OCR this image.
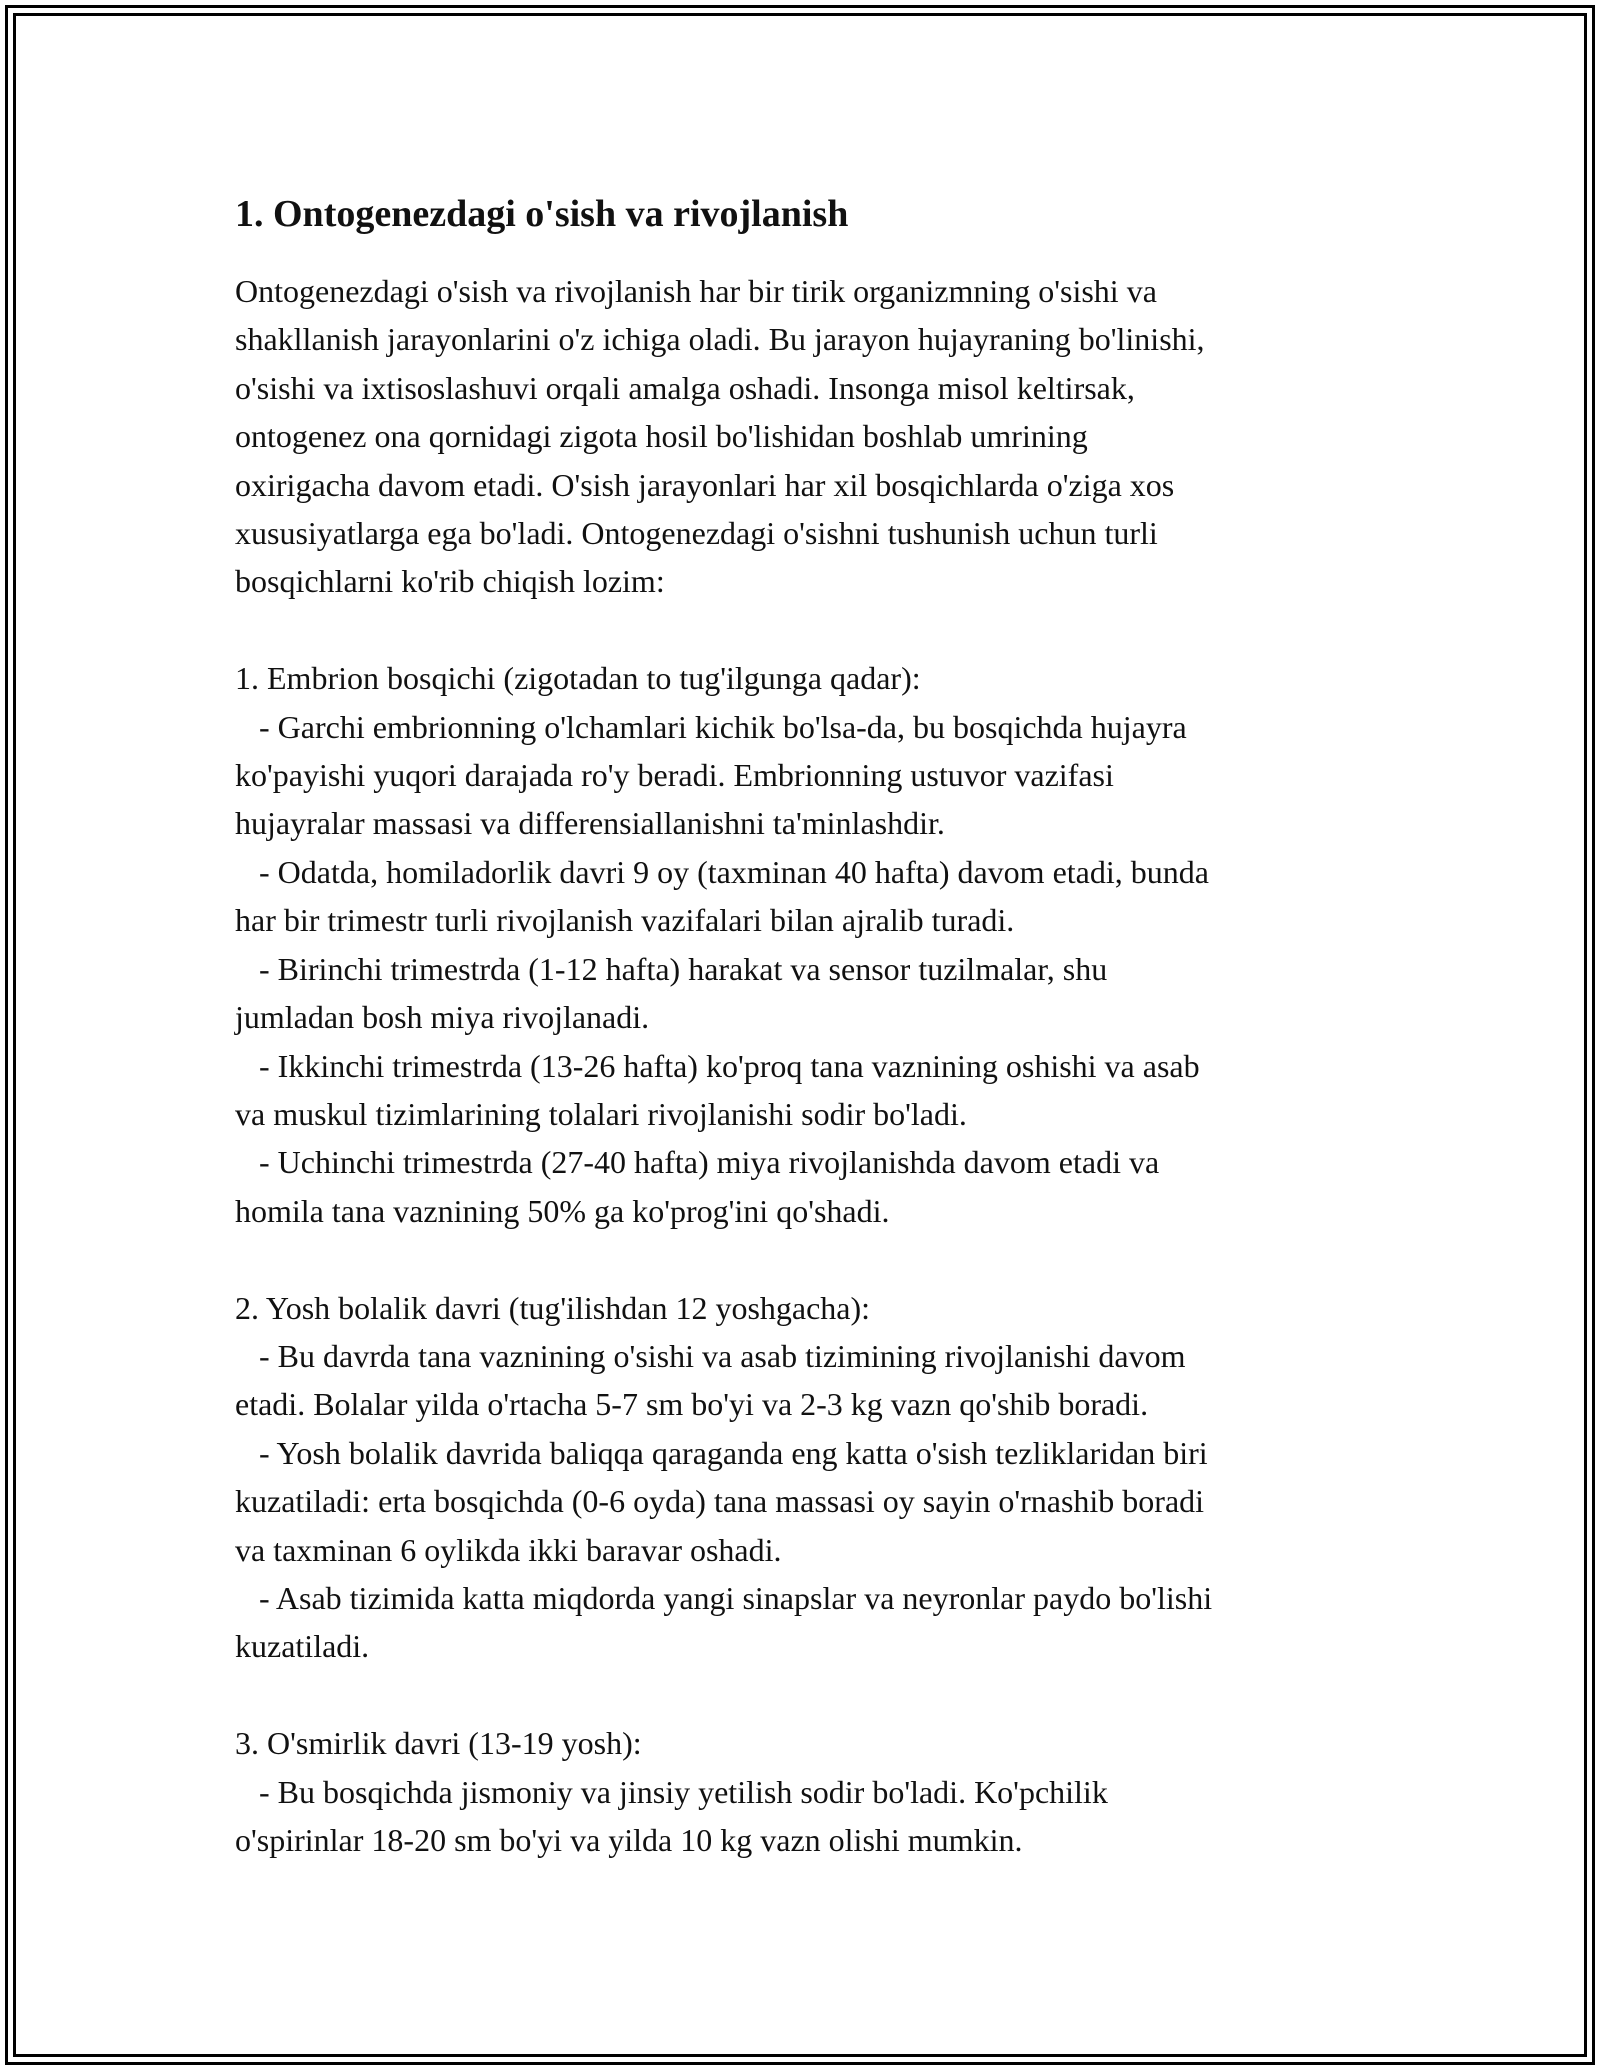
1. Ontogenezdagi o'sish va rivojlanish

Ontogenezdagi o'sish va rivojlanish har bir tirik organizmning o'sishi va
shakllanish jarayonlarini o'z ichiga oladi. Bu jarayon hujayraning bo'linishi,
o'sishi va ixtisoslashuvi orqali amalga oshadi. Insonga misol keltirsak,
ontogenez ona qornidagi zigota hosil bo'lishidan boshlab umrining
oxirigacha davom etadi. O'sish jarayonlari har xil bosqichlarda o'ziga xos
xususiyatlarga ega bo'ladi. Ontogenezdagi o'sishni tushunish uchun turli
bosqichlarni ko'rib chiqish lozim:

1. Embrion bosqichi (zigotadan to tug'ilgunga qadar):
- Garchi embrionning o'lchamlari kichik bo'lsa-da, bu bosqichda hujayra
ko'payishi yuqori darajada ro'y beradi. Embrionning ustuvor vazifasi
hujayralar massasi va differensiallanishni ta'minlashdir.
- Odatda, homiladorlik davri 9 oy (taxminan 40 hafta) davom etadi, bunda
har bir trimestr turli rivojlanish vazifalari bilan ajralib turadi.
- Birinchi trimestrda (1-12 hafta) harakat va sensor tuzilmalar, shu
jumladan bosh miya rivojlanadi.
- Ikkinchi trimestrda (13-26 hafta) ko'proq tana vaznining oshishi va asab
va muskul tizimlarining tolalari rivojlanishi sodir bo'ladi.
- Uchinchi trimestrda (27-40 hafta) miya rivojlanishda davom etadi va
homila tana vaznining 50% ga ko'prog'ini qo'shadi.

2. Yosh bolalik davri (tug'ilishdan 12 yoshgacha):
- Bu davrda tana vaznining o'sishi va asab tizimining rivojlanishi davom
etadi. Bolalar yilda o'rtacha 5-7 sm bo'yi va 2-3 kg vazn qo'shib boradi.
- Yosh bolalik davrida baliqqa qaraganda eng katta o'sish tezliklaridan biri
kuzatiladi: erta bosqichda (0-6 oyda) tana massasi oy sayin o'rnashib boradi
va taxminan 6 oylikda ikki baravar oshadi.
- Asab tizimida katta miqdorda yangi sinapslar va neyronlar paydo bo'lishi
kuzatiladi.

3. O'smirlik davri (13-19 yosh):
- Bu bosqichda jismoniy va jinsiy yetilish sodir bo'ladi. Ko'pchilik
o'spirinlar 18-20 sm bo'yi va yilda 10 kg vazn olishi mumkin.
